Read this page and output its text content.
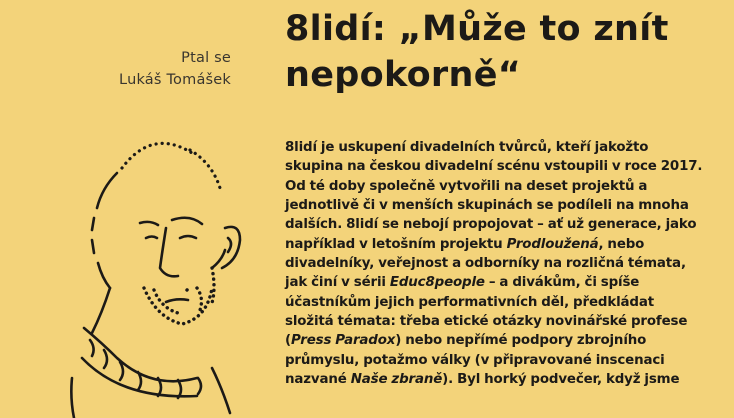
Ptal se
Lukáš Tomášek
8lidí: „Může to znít
nepokorně“

8lidí je uskupení divadelních tvůrců, kteří jakožto skupina na českou divadelní scénu vstoupili v roce 2017. Od té doby společně vytvořili na deset projektů a jednotlivě či v menších skupinách se podíleli na mnoha dalších. 8lidí se nebojí propojovat – ať už generace, jako například v letošním projektu Prodloužená, nebo divadelníky, veřejnost a odborníky na rozličná témata, jak činí v sérii Educ8people – a divákům, či spíše účastníkům jejich performativních děl, předkládat složitá témata: třeba etické otázky novinářské profese (Press Paradox) nebo nepřímé podpory zbrojního průmyslu, potažmo války (v připravované inscenaci nazvané Naše zbraně). Byl horký podvečer, když jsme
